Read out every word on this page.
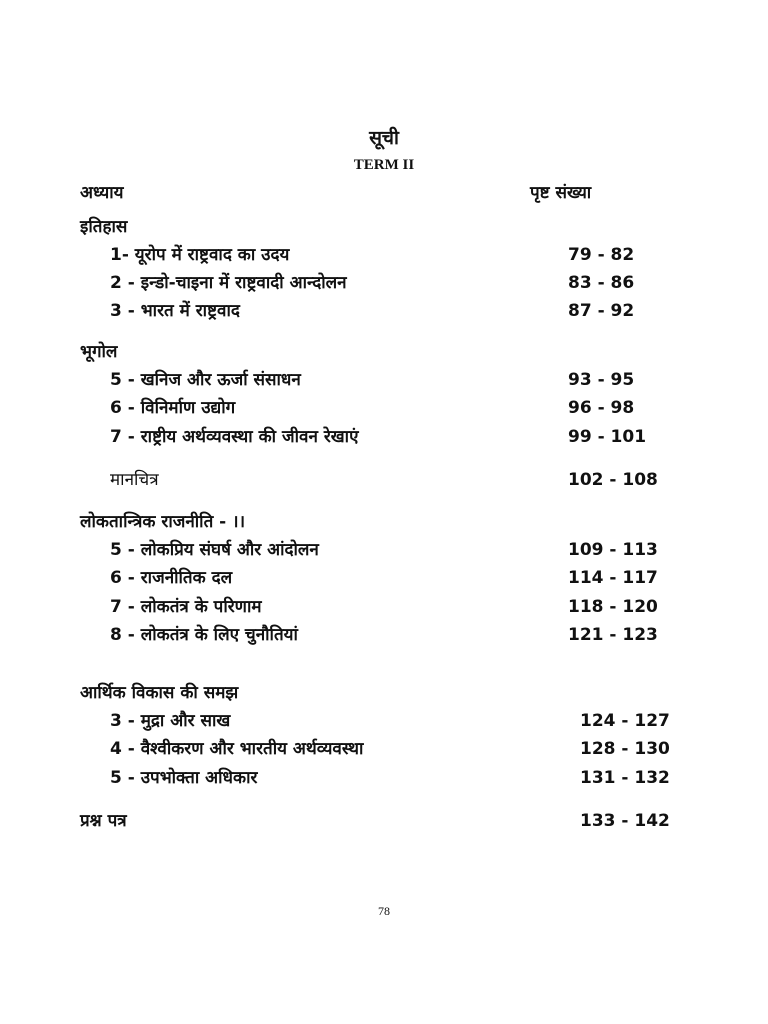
सूची
TERM II
अध्याय	पृष्ट संख्या
इतिहास
1- यूरोप में राष्ट्रवाद का उदय	79 - 82
2 - इन्डो-चाइना में राष्ट्रवादी आन्दोलन	83 - 86
3 - भारत में राष्ट्रवाद	87 - 92
भूगोल
5 - खनिज और ऊर्जा संसाधन	93 - 95
6 - विनिर्माण उद्योग	96 - 98
7 - राष्ट्रीय अर्थव्यवस्था की जीवन रेखाएं	99 - 101
मानचित्र	102 - 108
लोकतान्त्रिक राजनीति - ।।
5 - लोकप्रिय संघर्ष और आंदोलन	109 - 113
6 - राजनीतिक दल	114 - 117
7 - लोकतंत्र के परिणाम	118 - 120
8 - लोकतंत्र के लिए चुनौतियां	121 - 123
आर्थिक विकास की समझ
3 - मुद्रा और साख	124 - 127
4 - वैश्वीकरण और भारतीय अर्थव्यवस्था	128 - 130
5 - उपभोक्ता अधिकार	131 - 132
प्रश्न पत्र	133 - 142
78
